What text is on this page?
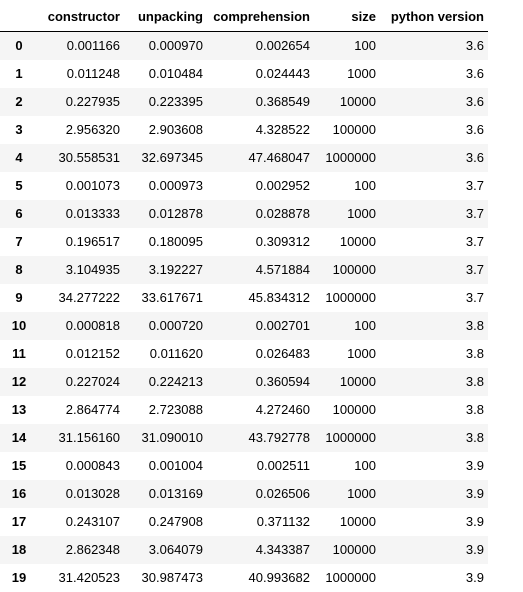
	constructor	unpacking	comprehension	size	python version
0	0.001166	0.000970	0.002654	100	3.6
1	0.011248	0.010484	0.024443	1000	3.6
2	0.227935	0.223395	0.368549	10000	3.6
3	2.956320	2.903608	4.328522	100000	3.6
4	30.558531	32.697345	47.468047	1000000	3.6
5	0.001073	0.000973	0.002952	100	3.7
6	0.013333	0.012878	0.028878	1000	3.7
7	0.196517	0.180095	0.309312	10000	3.7
8	3.104935	3.192227	4.571884	100000	3.7
9	34.277222	33.617671	45.834312	1000000	3.7
10	0.000818	0.000720	0.002701	100	3.8
11	0.012152	0.011620	0.026483	1000	3.8
12	0.227024	0.224213	0.360594	10000	3.8
13	2.864774	2.723088	4.272460	100000	3.8
14	31.156160	31.090010	43.792778	1000000	3.8
15	0.000843	0.001004	0.002511	100	3.9
16	0.013028	0.013169	0.026506	1000	3.9
17	0.243107	0.247908	0.371132	10000	3.9
18	2.862348	3.064079	4.343387	100000	3.9
19	31.420523	30.987473	40.993682	1000000	3.9
